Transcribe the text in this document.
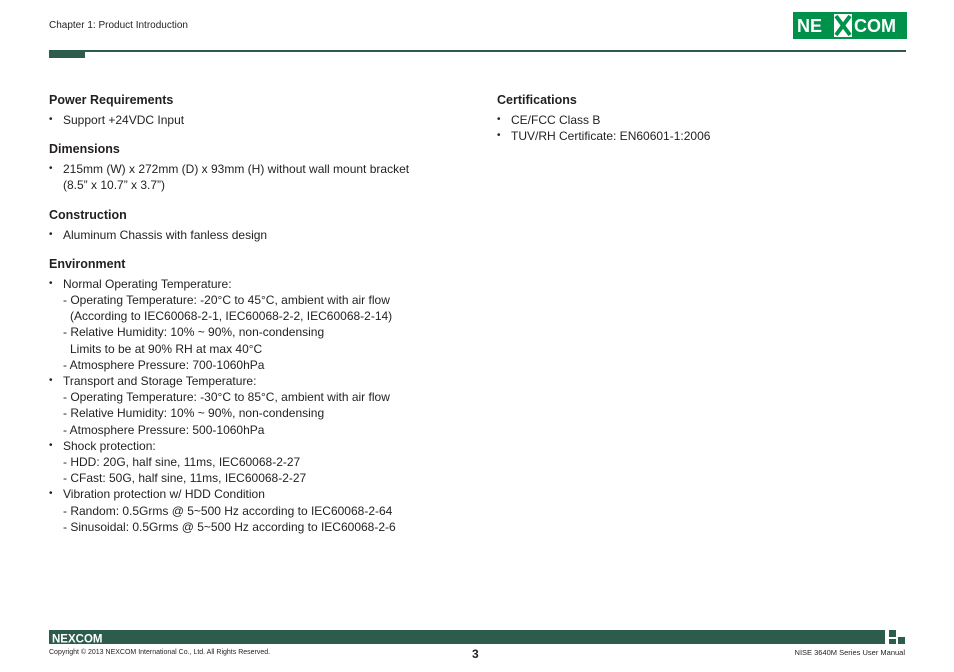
Chapter 1: Product Introduction	NE COM
Power Requirements
• Support +24VDC Input
Dimensions
• 215mm (W) x 272mm (D) x 93mm (H) without wall mount bracket
(8.5” x 10.7” x 3.7”)
Construction
• Aluminum Chassis with fanless design
Environment
• Normal Operating Temperature:
- Operating Temperature: -20°C to 45°C, ambient with air flow
(According to IEC60068-2-1, IEC60068-2-2, IEC60068-2-14)
- Relative Humidity: 10% ~ 90%, non-condensing
Limits to be at 90% RH at max 40°C
- Atmosphere Pressure: 700-1060hPa
• Transport and Storage Temperature:
- Operating Temperature: -30°C to 85°C, ambient with air flow
- Relative Humidity: 10% ~ 90%, non-condensing
- Atmosphere Pressure: 500-1060hPa
• Shock protection:
- HDD: 20G, half sine, 11ms, IEC60068-2-27
- CFast: 50G, half sine, 11ms, IEC60068-2-27
• Vibration protection w/ HDD Condition
- Random: 0.5Grms @ 5~500 Hz according to IEC60068-2-64
- Sinusoidal: 0.5Grms @ 5~500 Hz according to IEC60068-2-6
Certifications
• CE/FCC Class B
• TUV/RH Certificate: EN60601-1:2006
NEXCOM
Copyright © 2013 NEXCOM International Co., Ltd. All Rights Reserved.	3	NISE 3640M Series User Manual
